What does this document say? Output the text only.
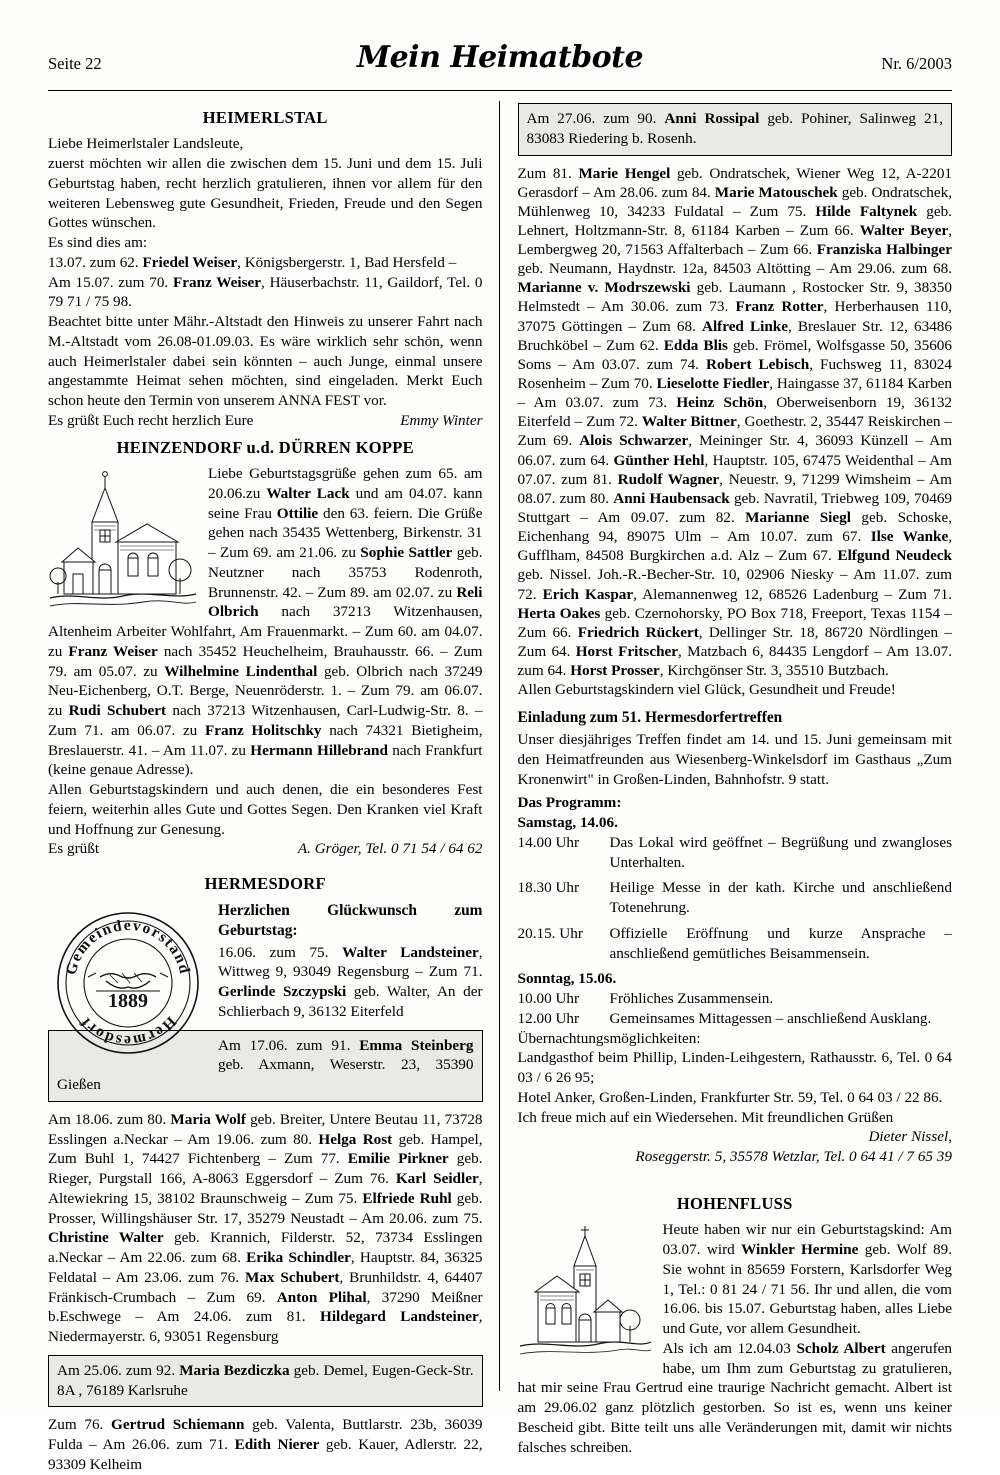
Seite 22	Mein Heimatbote	Nr. 6/2003
HEIMERLSTAL

Liebe Heimerlstaler Landsleute,

zuerst möchten wir allen die zwischen dem 15. Juni und dem 15. Juli Geburtstag haben, recht herzlich gratulieren, ihnen vor allem für den weiteren Lebensweg gute Gesundheit, Frieden, Freude und den Segen Gottes wünschen.

Es sind dies am:

13.07. zum 62. Friedel Weiser, Königsbergerstr. 1, Bad Hersfeld –

Am 15.07. zum 70. Franz Weiser, Häuserbachstr. 11, Gaildorf, Tel. 0 79 71 / 75 98.

Beachtet bitte unter Mähr.-Altstadt den Hinweis zu unserer Fahrt nach M.-Altstadt vom 26.08-01.09.03. Es wäre wirklich sehr schön, wenn auch Heimerlstaler dabei sein könnten – auch Junge, einmal unsere angestammte Heimat sehen möchten, sind eingeladen. Merkt Euch schon heute den Termin von unserem ANNA FEST vor.

Es grüßt Euch recht herzlich Eure	Emmy Winter

HEINZENDORF u.d. DÜRREN KOPPE

Liebe Geburtstagsgrüße gehen zum 65. am 20.06.zu Walter Lack und am 04.07. kann seine Frau Ottilie den 63. feiern. Die Grüße gehen nach 35435 Wettenberg, Birkenstr. 31 – Zum 69. am 21.06. zu Sophie Sattler geb. Neutzner nach 35753 Rodenroth, Brunnenstr. 42. – Zum 89. am 02.07. zu Reli Olbrich nach 37213 Witzenhausen, Altenheim Arbeiter Wohlfahrt, Am Frauenmarkt. – Zum 60. am 04.07. zu Franz Weiser nach 35452 Heuchelheim, Brauhausstr. 66. – Zum 79. am 05.07. zu Wilhelmine Lindenthal geb. Olbrich nach 37249 Neu-Eichenberg, O.T. Berge, Neuenröderstr. 1. – Zum 79. am 06.07. zu Rudi Schubert nach 37213 Witzenhausen, Carl-Ludwig-Str. 8. – Zum 71. am 06.07. zu Franz Holitschky nach 74321 Bietigheim, Breslauerstr. 41. – Am 11.07. zu Hermann Hillebrand nach Frankfurt (keine genaue Adresse).

Allen Geburtstagskindern und auch denen, die ein besonderes Fest feiern, weiterhin alles Gute und Gottes Segen. Den Kranken viel Kraft und Hoffnung zur Genesung.

Es grüßt	A. Gröger, Tel. 0 71 54 / 64 62

HERMESDORF
1889
Gemeindevorstand
Hermesdorf
Herzlichen Glückwunsch zum Geburtstag:

16.06. zum 75. Walter Landsteiner, Wittweg 9, 93049 Regensburg – Zum 71. Gerlinde Szczypski geb. Walter, An der Schlierbach 9, 36132 Eiterfeld

Am 17.06. zum 91. Emma Steinberg geb. Axmann, Weserstr. 23, 35390 Gießen

Am 18.06. zum 80. Maria Wolf geb. Breiter, Untere Beutau 11, 73728 Esslingen a.Neckar – Am 19.06. zum 80. Helga Rost geb. Hampel, Zum Buhl 1, 74427 Fichtenberg – Zum 77. Emilie Pirkner geb. Rieger, Purgstall 166, A-8063 Eggersdorf – Zum 76. Karl Seidler, Altewiekring 15, 38102 Braunschweig – Zum 75. Elfriede Ruhl geb. Prosser, Willingshäuser Str. 17, 35279 Neustadt – Am 20.06. zum 75. Christine Walter geb. Krannich, Filderstr. 52, 73734 Esslingen a.Neckar – Am 22.06. zum 68. Erika Schindler, Hauptstr. 84, 36325 Feldatal – Am 23.06. zum 76. Max Schubert, Brunhildstr. 4, 64407 Fränkisch-Crumbach – Zum 69. Anton Plihal, 37290 Meißner b.Eschwege – Am 24.06. zum 81. Hildegard Landsteiner, Niedermayerstr. 6, 93051 Regensburg

Am 25.06. zum 92. Maria Bezdiczka geb. Demel, Eugen-Geck-Str. 8A , 76189 Karlsruhe

Zum 76. Gertrud Schiemann geb. Valenta, Buttlarstr. 23b, 36039 Fulda – Am 26.06. zum 71. Edith Nierer geb. Kauer, Adlerstr. 22, 93309 Kelheim

Am 27.06. zum 90. Anni Rossipal geb. Pohiner, Salinweg 21, 83083 Riedering b. Rosenh.

Zum 81. Marie Hengel geb. Ondratschek, Wiener Weg 12, A-2201 Gerasdorf – Am 28.06. zum 84. Marie Matouschek geb. Ondratschek, Mühlenweg 10, 34233 Fuldatal – Zum 75. Hilde Faltynek geb. Lehnert, Holtzmann-Str. 8, 61184 Karben – Zum 66. Walter Beyer, Lembergweg 20, 71563 Affalterbach – Zum 66. Franziska Halbinger geb. Neumann, Haydnstr. 12a, 84503 Altötting – Am 29.06. zum 68. Marianne v. Modrszewski geb. Laumann , Rostocker Str. 9, 38350 Helmstedt – Am 30.06. zum 73. Franz Rotter, Herberhausen 110, 37075 Göttingen – Zum 68. Alfred Linke, Breslauer Str. 12, 63486 Bruchköbel – Zum 62. Edda Blis geb. Frömel, Wolfsgasse 50, 35606 Soms – Am 03.07. zum 74. Robert Lebisch, Fuchsweg 11, 83024 Rosenheim – Zum 70. Lieselotte Fiedler, Haingasse 37, 61184 Karben – Am 03.07. zum 73. Heinz Schön, Oberweisenborn 19, 36132 Eiterfeld – Zum 72. Walter Bittner, Goethestr. 2, 35447 Reiskirchen – Zum 69. Alois Schwarzer, Meininger Str. 4, 36093 Künzell – Am 06.07. zum 64. Günther Hehl, Hauptstr. 105, 67475 Weidenthal – Am 07.07. zum 81. Rudolf Wagner, Neuestr. 9, 71299 Wimsheim – Am 08.07. zum 80. Anni Haubensack geb. Navratil, Triebweg 109, 70469 Stuttgart – Am 09.07. zum 82. Marianne Siegl geb. Schoske, Eichenhang 94, 89075 Ulm – Am 10.07. zum 67. Ilse Wanke, Gufflham, 84508 Burgkirchen a.d. Alz – Zum 67. Elfgund Neudeck geb. Nissel. Joh.-R.-Becher-Str. 10, 02906 Niesky – Am 11.07. zum 72. Erich Kaspar, Alemannenweg 12, 68526 Ladenburg – Zum 71. Herta Oakes geb. Czernohorsky, PO Box 718, Freeport, Texas 1154 – Zum 66. Friedrich Rückert, Dellinger Str. 18, 86720 Nördlingen – Zum 64. Horst Fritscher, Matzbach 6, 84435 Lengdorf – Am 13.07. zum 64. Horst Prosser, Kirchgönser Str. 3, 35510 Butzbach.

Allen Geburtstagskindern viel Glück, Gesundheit und Freude!

Einladung zum 51. Hermesdorfertreffen

Unser diesjähriges Treffen findet am 14. und 15. Juni gemeinsam mit den Heimatfreunden aus Wiesenberg-Winkelsdorf im Gasthaus „Zum Kronenwirt" in Großen-Linden, Bahnhofstr. 9 statt.

Das Programm:

Samstag, 14.06.

14.00 Uhr	Das Lokal wird geöffnet – Begrüßung und zwangloses Unterhalten.
18.30 Uhr	Heilige Messe in der kath. Kirche und anschließend Totenehrung.
20.15. Uhr	Offizielle Eröffnung und kurze Ansprache – anschließend gemütliches Beisammensein.

Sonntag, 15.06.

10.00 Uhr	Fröhliches Zusammensein.
12.00 Uhr	Gemeinsames Mittagessen – anschließend Ausklang.

Übernachtungsmöglichkeiten:

Landgasthof beim Phillip, Linden-Leihgestern, Rathausstr. 6, Tel. 0 64 03 / 6 26 95;

Hotel Anker, Großen-Linden, Frankfurter Str. 59, Tel. 0 64 03 / 22 86.

Ich freue mich auf ein Wiedersehen. Mit freundlichen Grüßen

Dieter Nissel,

Roseggerstr. 5, 35578 Wetzlar, Tel. 0 64 41 / 7 65 39

HOHENFLUSS

Heute haben wir nur ein Geburtstagskind: Am 03.07. wird Winkler Hermine geb. Wolf 89. Sie wohnt in 85659 Forstern, Karlsdorfer Weg 1, Tel.: 0 81 24 / 71 56. Ihr und allen, die vom 16.06. bis 15.07. Geburtstag haben, alles Liebe und Gute, vor allem Gesundheit.

Als ich am 12.04.03 Scholz Albert angerufen habe, um Ihm zum Geburtstag zu gratulieren, hat mir seine Frau Gertrud eine traurige Nachricht gemacht. Albert ist am 29.06.02 ganz plötzlich gestorben. So ist es, wenn uns keiner Bescheid gibt. Bitte teilt uns alle Veränderungen mit, damit wir nichts falsches schreiben.
